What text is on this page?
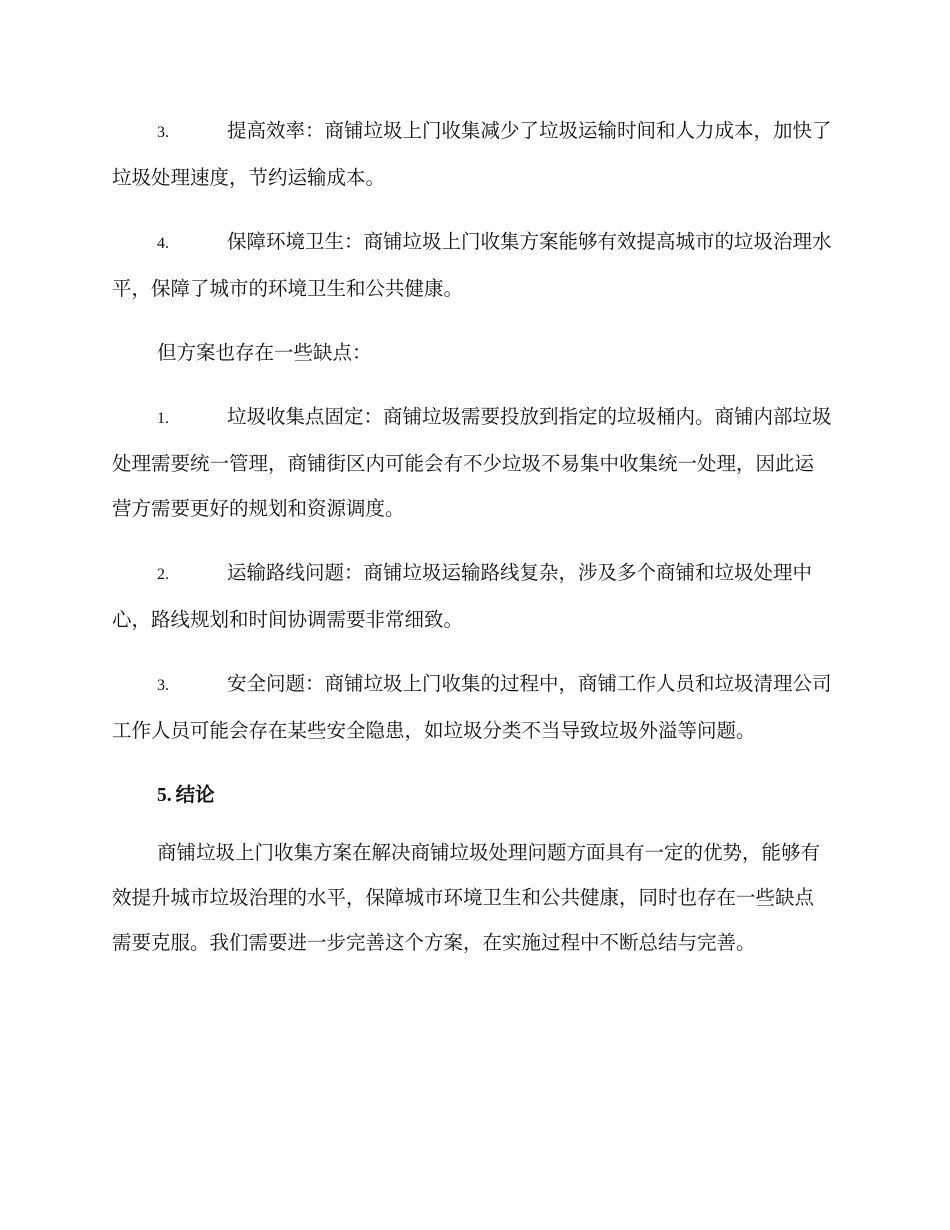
3.	提高效率：商铺垃圾上门收集减少了垃圾运输时间和人力成本，加快了垃圾处理速度，节约运输成本。

4.	保障环境卫生：商铺垃圾上门收集方案能够有效提高城市的垃圾治理水平，保障了城市的环境卫生和公共健康。

但方案也存在一些缺点：

1.	垃圾收集点固定：商铺垃圾需要投放到指定的垃圾桶内。商铺内部垃圾处理需要统一管理，商铺街区内可能会有不少垃圾不易集中收集统一处理，因此运营方需要更好的规划和资源调度。

2.	运输路线问题：商铺垃圾运输路线复杂，涉及多个商铺和垃圾处理中心，路线规划和时间协调需要非常细致。

3.	安全问题：商铺垃圾上门收集的过程中，商铺工作人员和垃圾清理公司工作人员可能会存在某些安全隐患，如垃圾分类不当导致垃圾外溢等问题。

5. 结论

商铺垃圾上门收集方案在解决商铺垃圾处理问题方面具有一定的优势，能够有效提升城市垃圾治理的水平，保障城市环境卫生和公共健康，同时也存在一些缺点需要克服。我们需要进一步完善这个方案，在实施过程中不断总结与完善。
